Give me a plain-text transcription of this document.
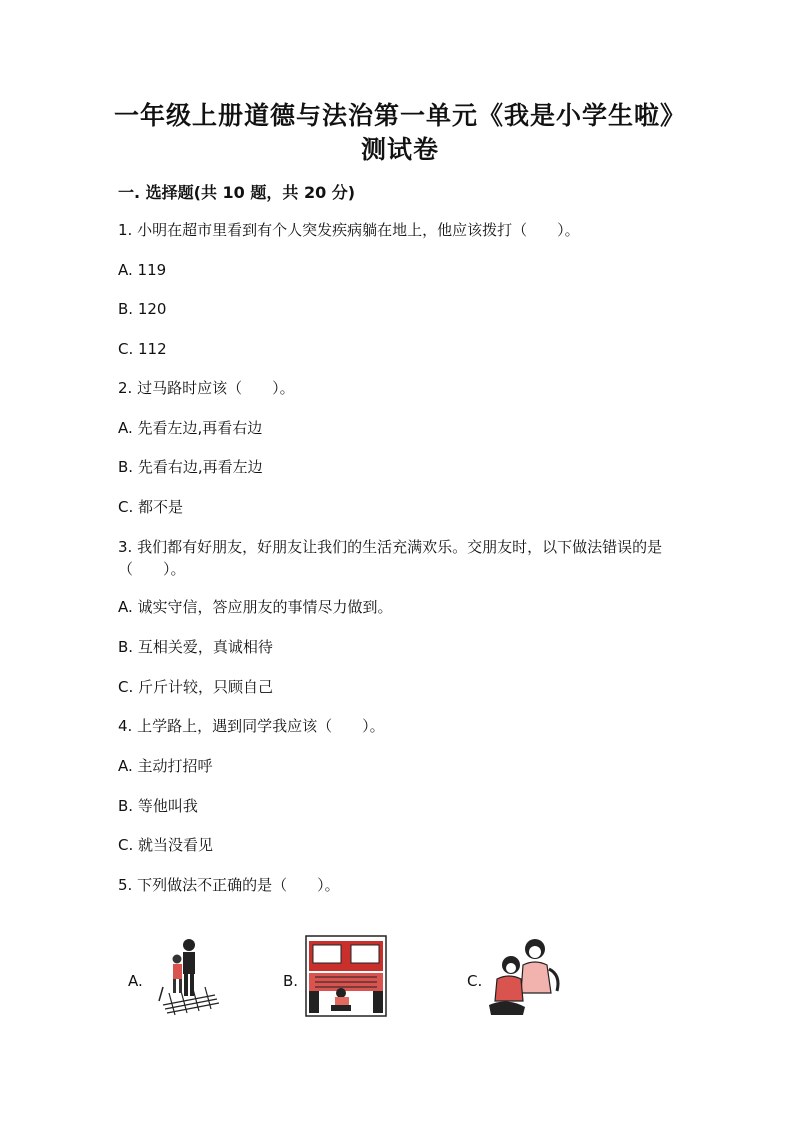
一年级上册道德与法治第一单元《我是小学生啦》
测试卷
一. 选择题(共 10 题，共 20 分)
1. 小明在超市里看到有个人突发疾病躺在地上，他应该拨打（　　）。
A. 119
B. 120
C. 112
2. 过马路时应该（　　）。
A. 先看左边,再看右边
B. 先看右边,再看左边
C. 都不是
3. 我们都有好朋友，好朋友让我们的生活充满欢乐。交朋友时，以下做法错误的是（　　）。
A. 诚实守信，答应朋友的事情尽力做到。
B. 互相关爱，真诚相待
C. 斤斤计较，只顾自己
4. 上学路上，遇到同学我应该（　　）。
A. 主动打招呼
B. 等他叫我
C. 就当没看见
5. 下列做法不正确的是（　　）。
A.	B.	C.
